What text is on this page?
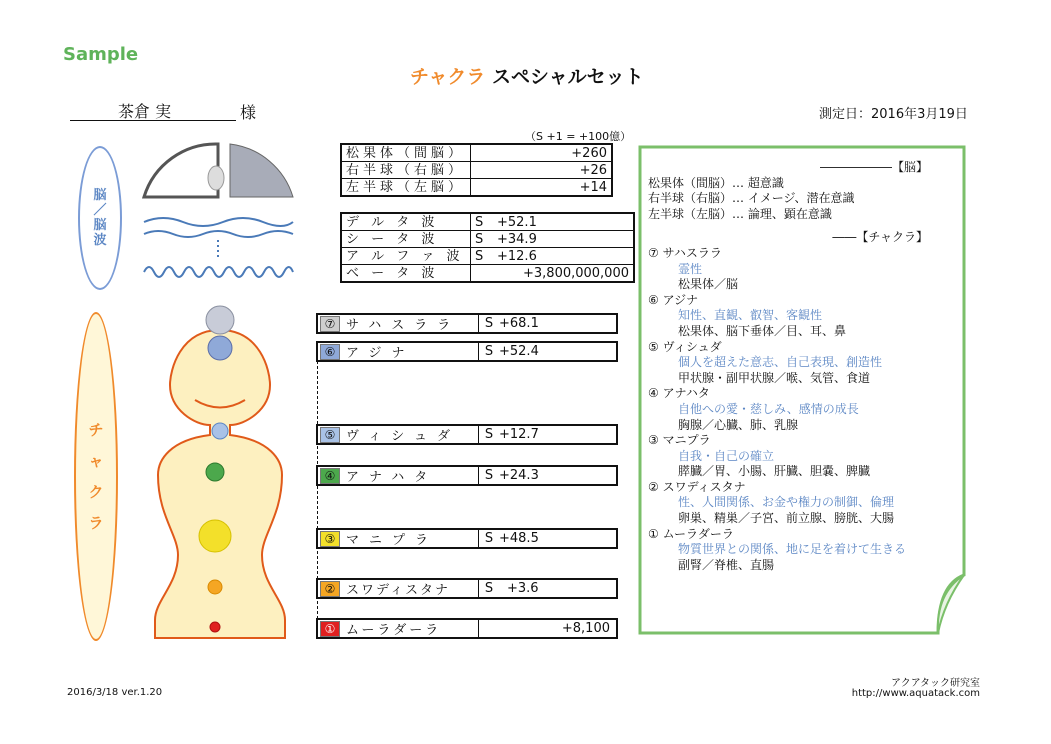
Sample
チャクラ スペシャルセット
茶倉 実	様	測定日：2016年3月19日
（S +1 = +100億）
脳
／
脳
波
松果体（間脳）	+260
右半球（右脳）	+26
左半球（左脳）	+14
デ ル タ 波	S	+52.1
シ ー タ 波	S	+34.9
ア ル フ ァ 波	S	+12.6
ベ ー タ 波		+3,800,000,000
チ
ャ
ク
ラ
⑦ サハスララ	S +68.1
⑥ アジナ	S +52.4
⑤ ヴィシュダ	S +12.7
④ アナハタ	S +24.3
③ マニプラ	S +48.5
② スワディスタナ	S	+3.6
① ムーラダーラ	+8,100
――――――【脳】
松果体（間脳）… 超意識
右半球（右脳）… イメージ、潜在意識
左半球（左脳）… 論理、顕在意識
――【チャクラ】
⑦ サハスララ
霊性
松果体／脳
⑥ アジナ
知性、直観、叡智、客観性
松果体、脳下垂体／目、耳、鼻
⑤ ヴィシュダ
個人を超えた意志、自己表現、創造性
甲状腺・副甲状腺／喉、気管、食道
④ アナハタ
自他への愛・慈しみ、感情の成長
胸腺／心臓、肺、乳腺
③ マニプラ
自我・自己の確立
膵臓／胃、小腸、肝臓、胆嚢、脾臓
② スワディスタナ
性、人間関係、お金や権力の制御、倫理
卵巣、精巣／子宮、前立腺、膀胱、大腸
① ムーラダーラ
物質世界との関係、地に足を着けて生きる
副腎／脊椎、直腸
2016/3/18 ver.1.20
アクアタック研究室
http://www.aquatack.com
